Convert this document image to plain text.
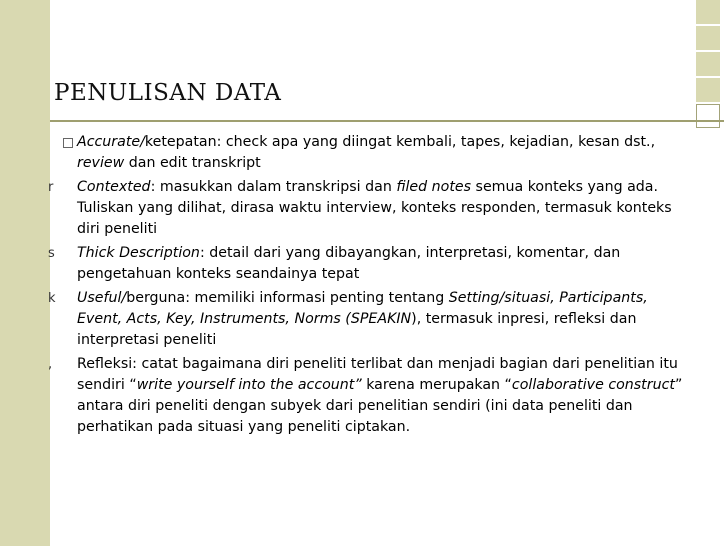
PENULISAN DATA
Accurate/ketepatan: check apa yang diingat kembali, tapes, kejadian, kesan dst., review dan edit transkript
r	Contexted: masukkan dalam transkripsi dan filed notes semua konteks yang ada. Tuliskan yang dilihat, dirasa waktu interview, konteks responden, termasuk konteks diri peneliti
s	Thick Description: detail dari yang dibayangkan, interpretasi, komentar, dan pengetahuan konteks seandainya tepat
k	Useful/berguna: memiliki informasi penting tentang Setting/situasi, Participants, Event, Acts, Key, Instruments, Norms (SPEAKIN), termasuk inpresi, refleksi dan interpretasi peneliti
,	Refleksi: catat bagaimana diri peneliti terlibat dan menjadi bagian dari penelitian itu sendiri “write yourself into the account” karena merupakan “collaborative construct” antara diri peneliti dengan subyek dari penelitian sendiri (ini data peneliti dan perhatikan pada situasi yang peneliti ciptakan.
